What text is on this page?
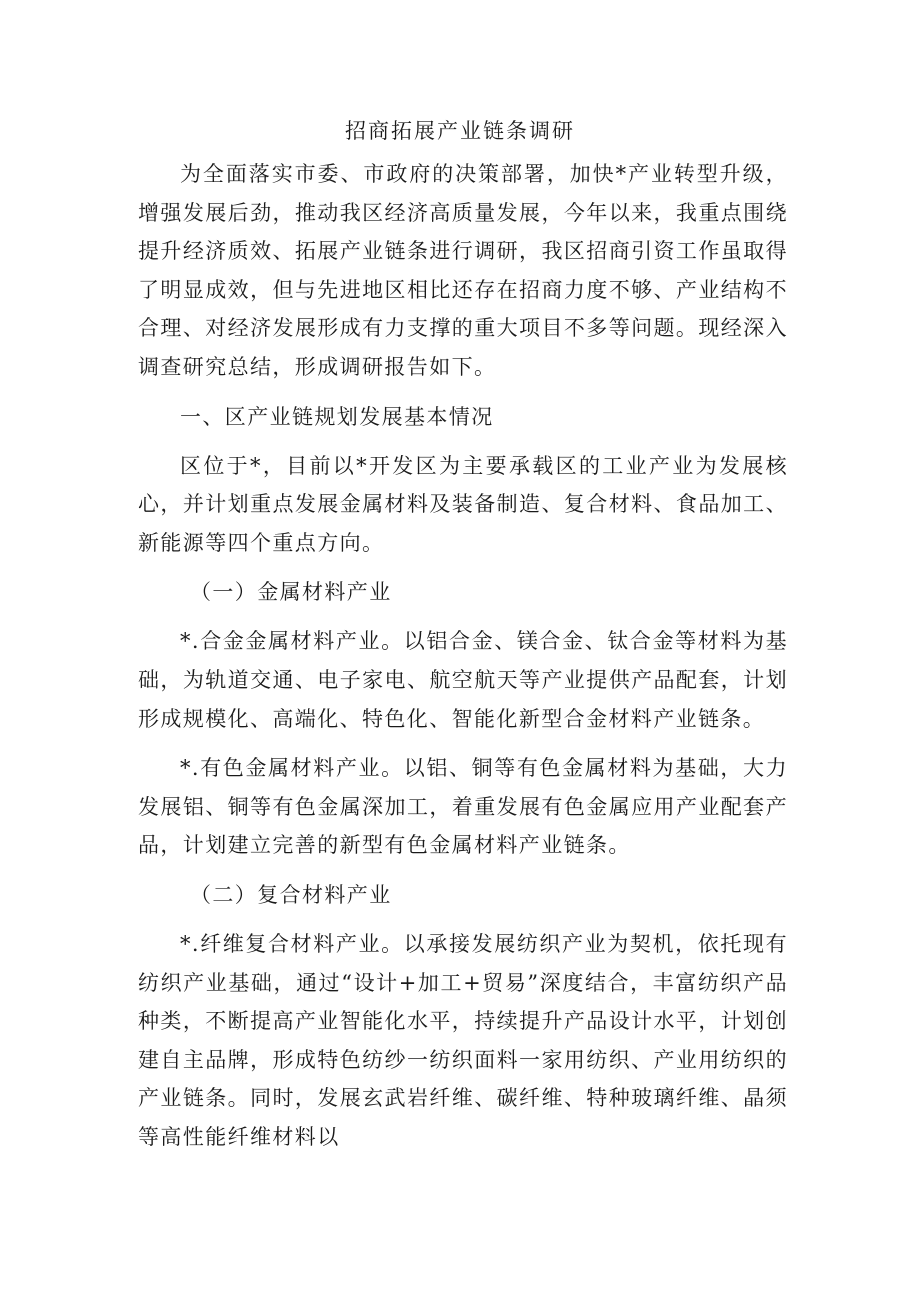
招商拓展产业链条调研

为全面落实市委、市政府的决策部署，加快*产业转型升级，增强发展后劲，推动我区经济高质量发展，今年以来，我重点围绕提升经济质效、拓展产业链条进行调研，我区招商引资工作虽取得了明显成效，但与先进地区相比还存在招商力度不够、产业结构不合理、对经济发展形成有力支撑的重大项目不多等问题。现经深入调查研究总结，形成调研报告如下。

一、区产业链规划发展基本情况

区位于*，目前以*开发区为主要承载区的工业产业为发展核心，并计划重点发展金属材料及装备制造、复合材料、食品加工、新能源等四个重点方向。

（一）金属材料产业

*.合金金属材料产业。以铝合金、镁合金、钛合金等材料为基础，为轨道交通、电子家电、航空航天等产业提供产品配套，计划形成规模化、高端化、特色化、智能化新型合金材料产业链条。

*.有色金属材料产业。以铝、铜等有色金属材料为基础，大力发展铝、铜等有色金属深加工，着重发展有色金属应用产业配套产品，计划建立完善的新型有色金属材料产业链条。

（二）复合材料产业

*.纤维复合材料产业。以承接发展纺织产业为契机，依托现有纺织产业基础，通过“设计+加工+贸易”深度结合，丰富纺织产品种类，不断提高产业智能化水平，持续提升产品设计水平，计划创建自主品牌，形成特色纺纱一纺织面料一家用纺织、产业用纺织的产业链条。同时，发展玄武岩纤维、碳纤维、特种玻璃纤维、晶须等高性能纤维材料以
